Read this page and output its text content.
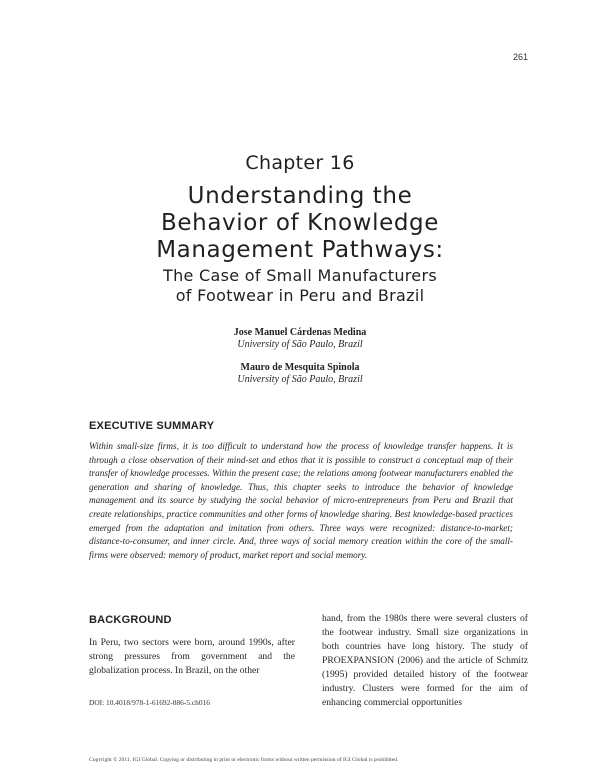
261
Chapter 16
Understanding the
Behavior of Knowledge
Management Pathways:
The Case of Small Manufacturers
of Footwear in Peru and Brazil
Jose Manuel Cárdenas Medina
University of São Paulo, Brazil
Mauro de Mesquita Spinola
University of São Paulo, Brazil
EXECUTIVE SUMMARY

Within small-size firms, it is too difficult to understand how the process of knowledge transfer happens. It is through a close observation of their mind-set and ethos that it is possible to construct a conceptual map of their transfer of knowledge processes. Within the present case; the relations among footwear manufacturers enabled the generation and sharing of knowledge. Thus, this chapter seeks to introduce the behavior of knowledge management and its source by studying the social behavior of micro-entrepreneurs from Peru and Brazil that create relationships, practice communities and other forms of knowledge sharing. Best knowledge-based practices emerged from the adaptation and imitation from others. Three ways were recognized: distance-to-market; distance-to-consumer, and inner circle. And, three ways of social memory creation within the core of the small-firms were observed: memory of product, market report and social memory.

BACKGROUND

In Peru, two sectors were born, around 1990s, after strong pressures from government and the globalization process. In Brazil, on the other

hand, from the 1980s there were several clusters of the footwear industry. Small size organizations in both countries have long history. The study of PROEXPANSION (2006) and the article of Schmitz (1995) provided detailed history of the footwear industry. Clusters were formed for the aim of enhancing commercial opportunities

DOI: 10.4018/978-1-61692-886-5.ch016
Copyright © 2011, IGI Global. Copying or distributing in print or electronic forms without written permission of IGI Global is prohibited.
